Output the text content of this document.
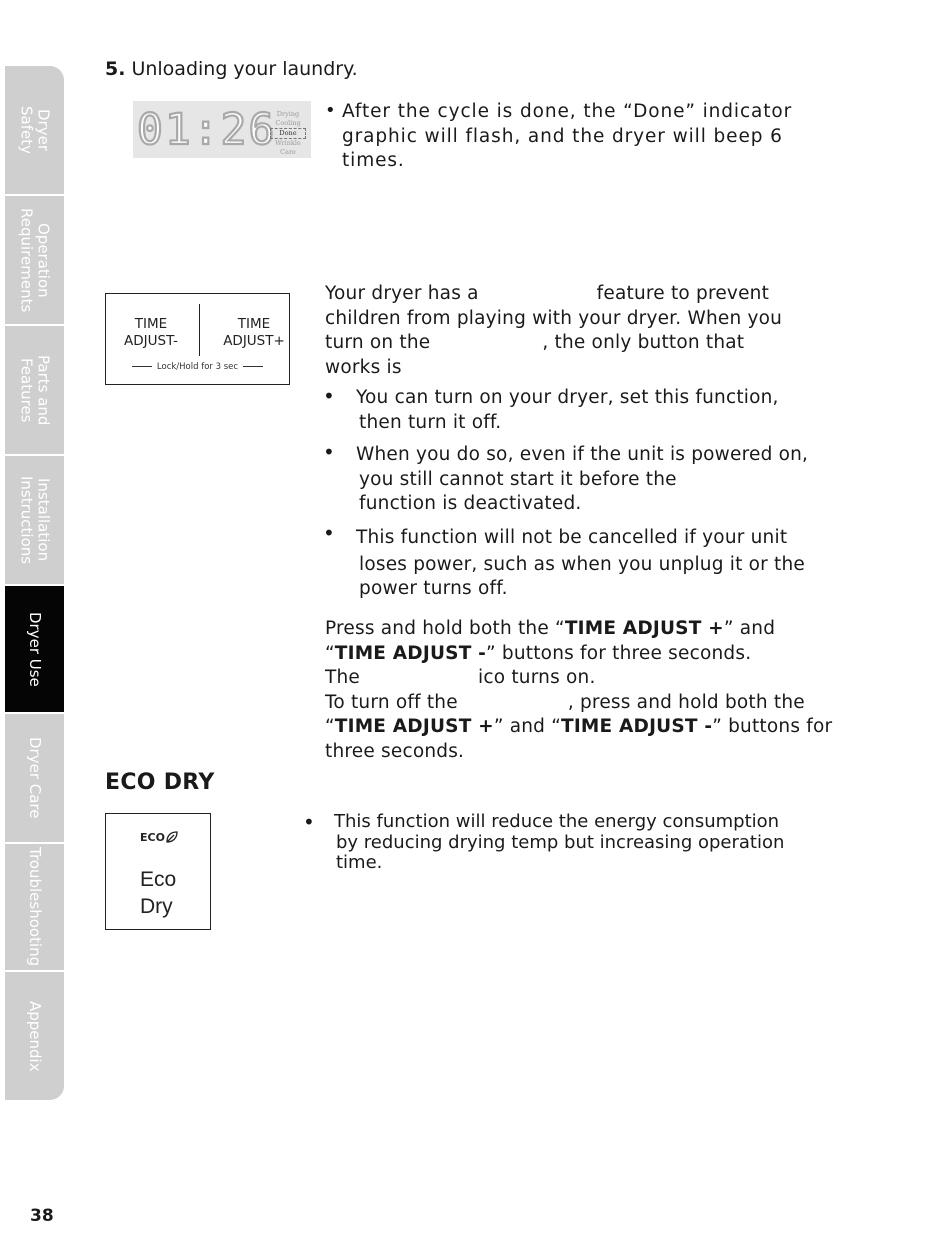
Dryer
Safety
Operation
Requirements
Parts and
Features
Installation
Instructions
Dryer Use
Dryer Care
Troubleshooting
Appendix
5. Unloading your laundry.
01:26 Drying
Cooling
Done
Wrinkle Care
• After the cycle is done, the “Done” indicator
graphic will flash, and the dryer will beep 6
times.
TIME
ADJUST-
TIME
ADJUST+
Lock/Hold for 3 sec
Your dryer has a	feature to prevent
children from playing with your dryer. When you
turn on the	, the only button that
works is
• You can turn on your dryer, set this function,
then turn it off.
• When you do so, even if the unit is powered on,
you still cannot start it before the
function is deactivated.
• This function will not be cancelled if your unit
loses power, such as when you unplug it or the
power turns off.
Press and hold both the “TIME ADJUST +” and
“TIME ADJUST -” buttons for three seconds.
The	ico turns on.
To turn off the	, press and hold both the
“TIME ADJUST +” and “TIME ADJUST -” buttons for
three seconds.
ECO DRY
ECO
Eco
Dry
• This function will reduce the energy consumption
by reducing drying temp but increasing operation
time.
38
